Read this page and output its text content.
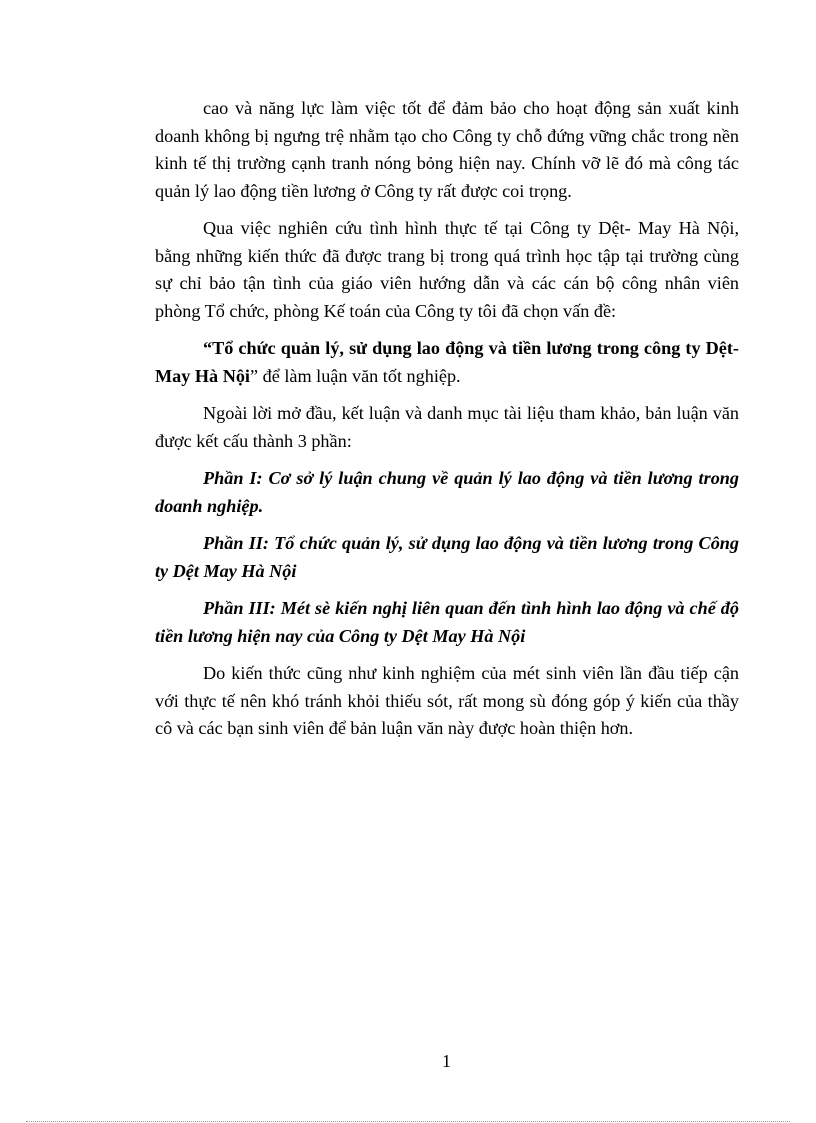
cao và năng lực làm việc tốt để đảm bảo cho hoạt động sản xuất kinh doanh không bị ngưng trệ nhằm tạo cho Công ty chỗ đứng vững chắc trong nền kinh tế thị trường cạnh tranh nóng bỏng hiện nay. Chính vỡ lẽ đó mà công tác quản lý lao động tiền lương ở Công ty rất được coi trọng.

Qua việc nghiên cứu tình hình thực tế tại Công ty Dệt- May Hà Nội, bằng những kiến thức đã được trang bị trong quá trình học tập tại trường cùng sự chỉ bảo tận tình của giáo viên hướng dẫn và các cán bộ công nhân viên phòng Tổ chức, phòng Kế toán của Công ty tôi đã chọn vấn đề:

“Tổ chức quản lý, sử dụng lao động và tiền lương trong công ty Dệt- May Hà Nội” để làm luận văn tốt nghiệp.

Ngoài lời mở đầu, kết luận và danh mục tài liệu tham khảo, bản luận văn được kết cấu thành 3 phần:

Phần I: Cơ sở lý luận chung về quản lý lao động và tiền lương trong doanh nghiệp.

Phần II: Tổ chức quản lý, sử dụng lao động và tiền lương trong Công ty Dệt May Hà Nội

Phần III: Mét sè kiến nghị liên quan đến tình hình lao động và chế độ tiền lương hiện nay của Công ty Dệt May Hà Nội

Do kiến thức cũng như kinh nghiệm của mét sinh viên lần đầu tiếp cận với thực tế nên khó tránh khỏi thiếu sót, rất mong sù đóng góp ý kiến của thầy cô và các bạn sinh viên để bản luận văn này được hoàn thiện hơn.

1
